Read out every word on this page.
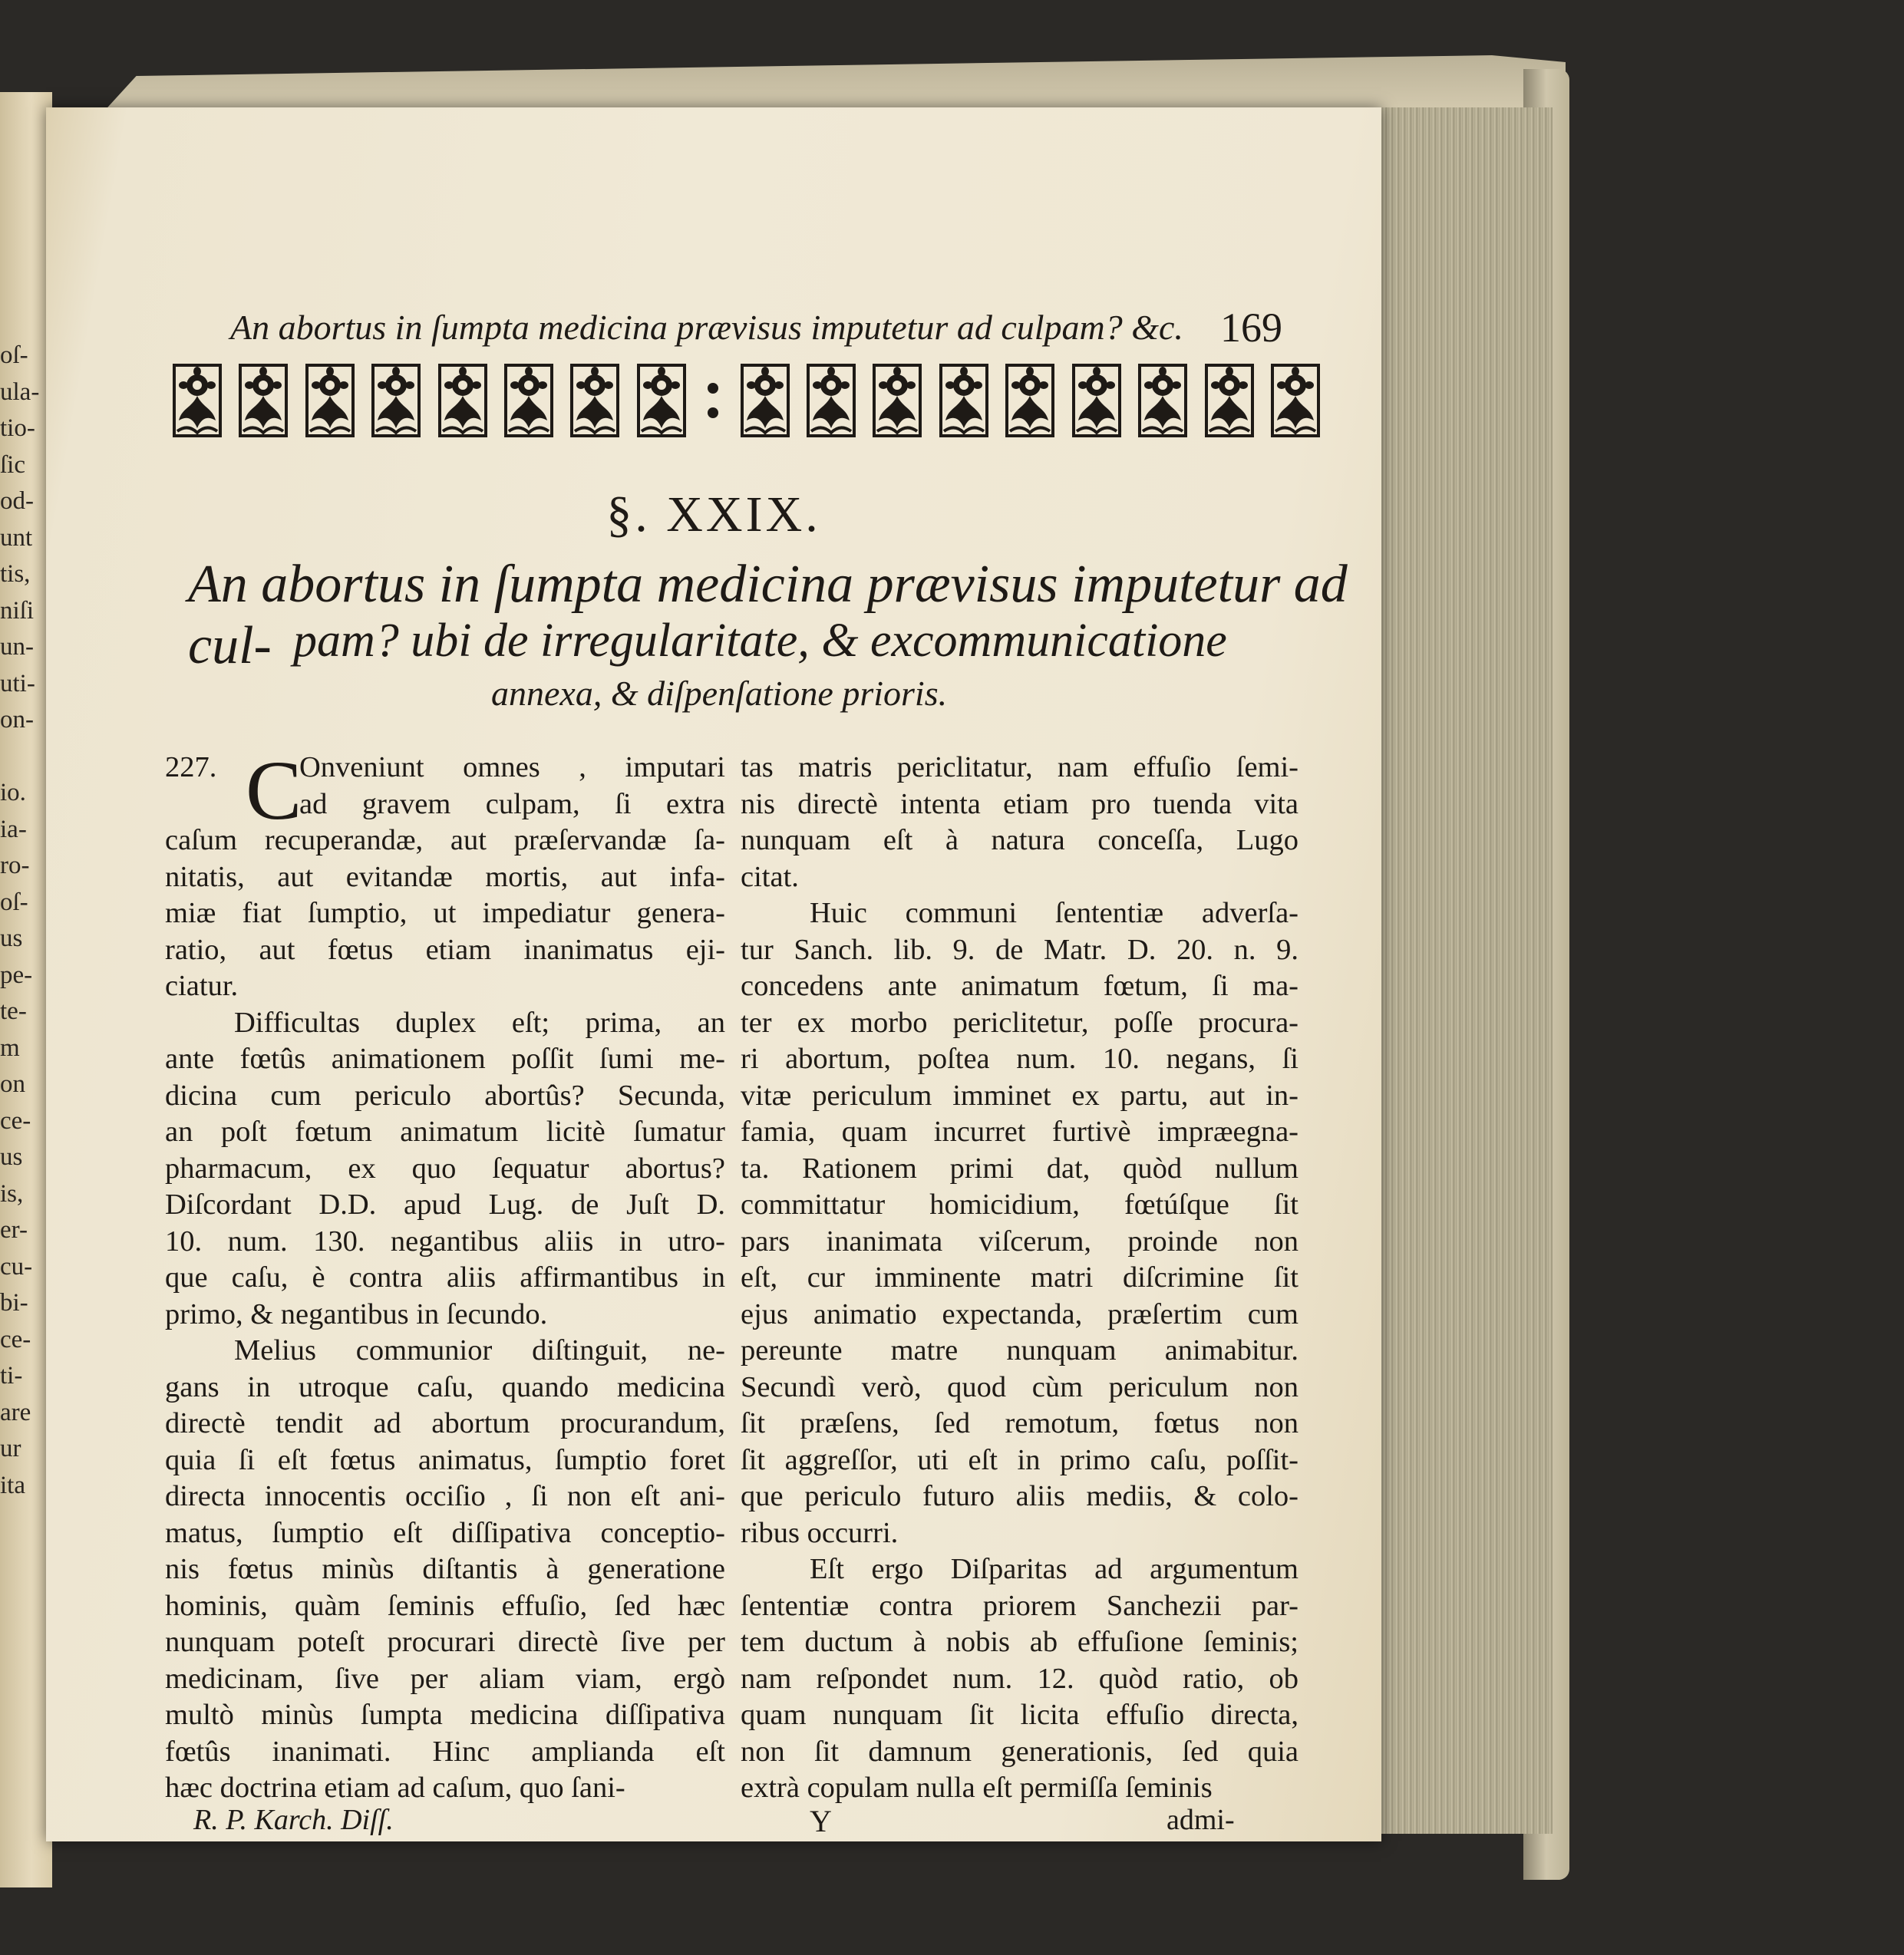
oſ-
ula-
tio-
ſic
od-
unt
tis,
niſi
un-
uti-
on-
io.
ia-
ro-
oſ-
us
pe-
te-
m
on
ce-
us
is,
er-
cu-
bi-
ce-
ti-
are
ur
ita
An abortus in ſumpta medicina prævisus imputetur ad culpam? &c. 169
§. XXIX.
An abortus in ſumpta medicina prævisus imputetur ad cul- pam? ubi de irregularitate, & excommunicatione
annexa, & diſpenſatione prioris.
227. C
Onveniunt omnes , imputari
ad gravem culpam, ſi extra
caſum recuperandæ, aut præſervandæ ſa-
nitatis, aut evitandæ mortis, aut infa-
miæ fiat ſumptio, ut impediatur genera-
ratio, aut fœtus etiam inanimatus eji-
ciatur.
Difficultas duplex eſt; prima, an
ante fœtûs animationem poſſit ſumi me-
dicina cum periculo abortûs? Secunda,
an poſt fœtum animatum licitè ſumatur
pharmacum, ex quo ſequatur abortus?
Diſcordant D.D. apud Lug. de Juſt D.
10. num. 130. negantibus aliis in utro-
que caſu, è contra aliis affirmantibus in
primo, & negantibus in ſecundo.
Melius communior diſtinguit, ne-
gans in utroque caſu, quando medicina
directè tendit ad abortum procurandum,
quia ſi eſt fœtus animatus, ſumptio foret
directa innocentis occiſio , ſi non eſt ani-
matus, ſumptio eſt diſſipativa conceptio-
nis fœtus minùs diſtantis à generatione
hominis, quàm ſeminis effuſio, ſed hæc
nunquam poteſt procurari directè ſive per
medicinam, ſive per aliam viam, ergò
multò minùs ſumpta medicina diſſipativa
fœtûs inanimati. Hinc amplianda eſt
hæc doctrina etiam ad caſum, quo ſani-
tas matris periclitatur, nam effuſio ſemi-
nis directè intenta etiam pro tuenda vita
nunquam eſt à natura conceſſa, Lugo
citat.
Huic communi ſententiæ adverſa-
tur Sanch. lib. 9. de Matr. D. 20. n. 9.
concedens ante animatum fœtum, ſi ma-
ter ex morbo periclitetur, poſſe procura-
ri abortum, poſtea num. 10. negans, ſi
vitæ periculum imminet ex partu, aut in-
famia, quam incurret furtivè impræegna-
ta. Rationem primi dat, quòd nullum
committatur homicidium, fœtúſque ſit
pars inanimata viſcerum, proinde non
eſt, cur imminente matri diſcrimine ſit
ejus animatio expectanda, præſertim cum
pereunte matre nunquam animabitur.
Secundì verò, quod cùm periculum non
ſit præſens, ſed remotum, fœtus non
ſit aggreſſor, uti eſt in primo caſu, poſſit-
que periculo futuro aliis mediis, & colo-
ribus occurri.
Eſt ergo Diſparitas ad argumentum
ſententiæ contra priorem Sanchezii par-
tem ductum à nobis ab effuſione ſeminis;
nam reſpondet num. 12. quòd ratio, ob
quam nunquam ſit licita effuſio directa,
non ſit damnum generationis, ſed quia
extrà copulam nulla eſt permiſſa ſeminis
R. P. Karch. Diſſ.	Y	admi-
